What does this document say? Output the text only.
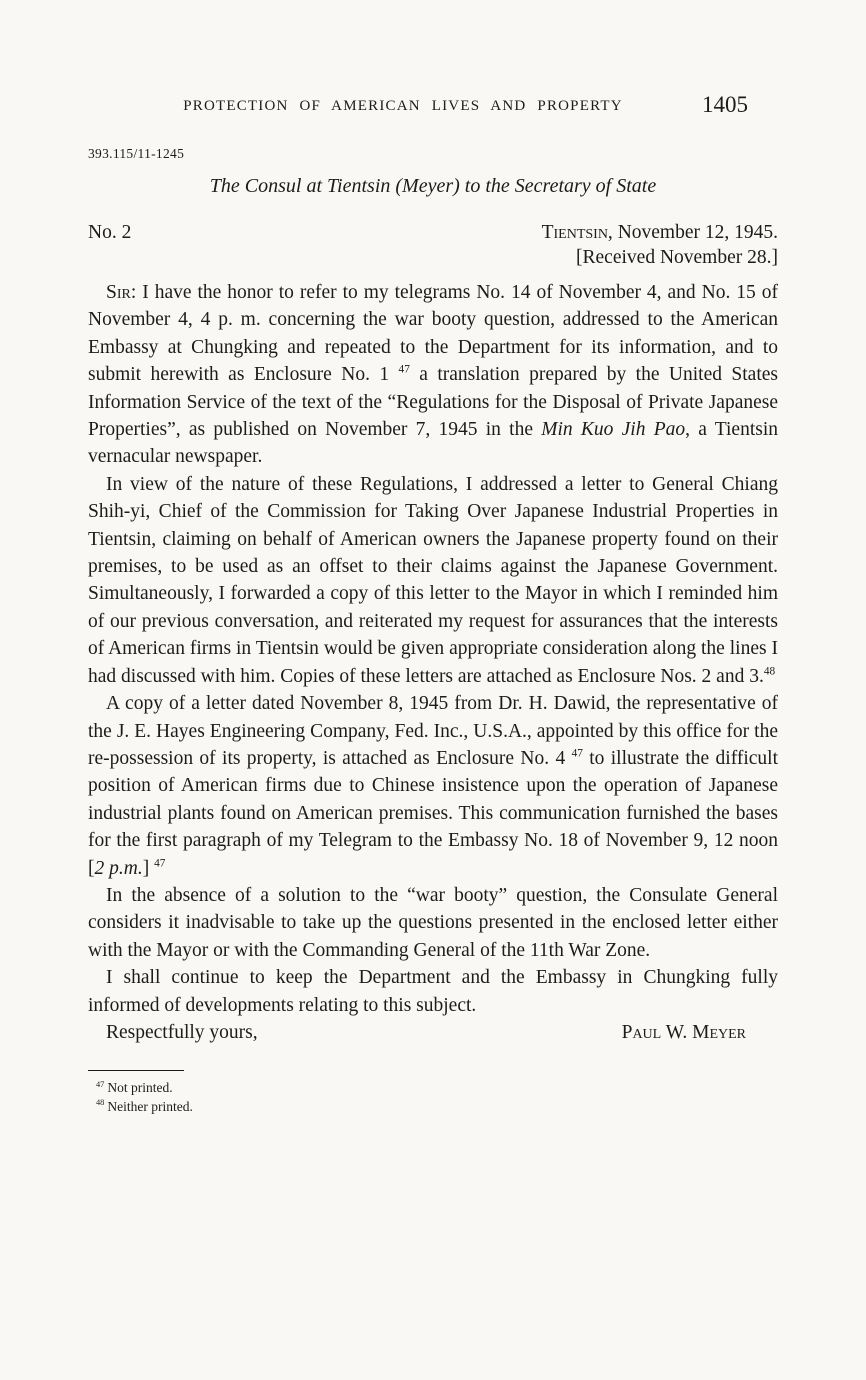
PROTECTION OF AMERICAN LIVES AND PROPERTY	1405
393.115/11-1245
The Consul at Tientsin (Meyer) to the Secretary of State
No. 2	Tientsin, November 12, 1945.
[Received November 28.]

Sir: I have the honor to refer to my telegrams No. 14 of November 4, and No. 15 of November 4, 4 p. m. concerning the war booty question, addressed to the American Embassy at Chungking and repeated to the Department for its information, and to submit herewith as Enclosure No. 1 $^{47}$ a translation prepared by the United States Information Service of the text of the “Regulations for the Disposal of Private Japanese Properties”, as published on November 7, 1945 in the Min Kuo Jih Pao, a Tientsin vernacular newspaper.

In view of the nature of these Regulations, I addressed a letter to General Chiang Shih-yi, Chief of the Commission for Taking Over Japanese Industrial Properties in Tientsin, claiming on behalf of American owners the Japanese property found on their premises, to be used as an offset to their claims against the Japanese Government. Simultaneously, I forwarded a copy of this letter to the Mayor in which I reminded him of our previous conversation, and reiterated my request for assurances that the interests of American firms in Tientsin would be given appropriate consideration along the lines I had discussed with him. Copies of these letters are attached as Enclosure Nos. 2 and 3.48

A copy of a letter dated November 8, 1945 from Dr. H. Dawid, the representative of the J. E. Hayes Engineering Company, Fed. Inc., U.S.A., appointed by this office for the re-possession of its property, is attached as Enclosure No. 4 $^{47}$ to illustrate the difficult position of American firms due to Chinese insistence upon the operation of Japanese industrial plants found on American premises. This communication furnished the bases for the first paragraph of my Telegram to the Embassy No. 18 of November 9, 12 noon [2 p.m.] $^{47}$

In the absence of a solution to the “war booty” question, the Consulate General considers it inadvisable to take up the questions presented in the enclosed letter either with the Mayor or with the Commanding General of the 11th War Zone.

I shall continue to keep the Department and the Embassy in Chungking fully informed of developments relating to this subject.

Respectfully yours,	Paul W. Meyer
$^{47}$ Not printed.
$^{48}$ Neither printed.
